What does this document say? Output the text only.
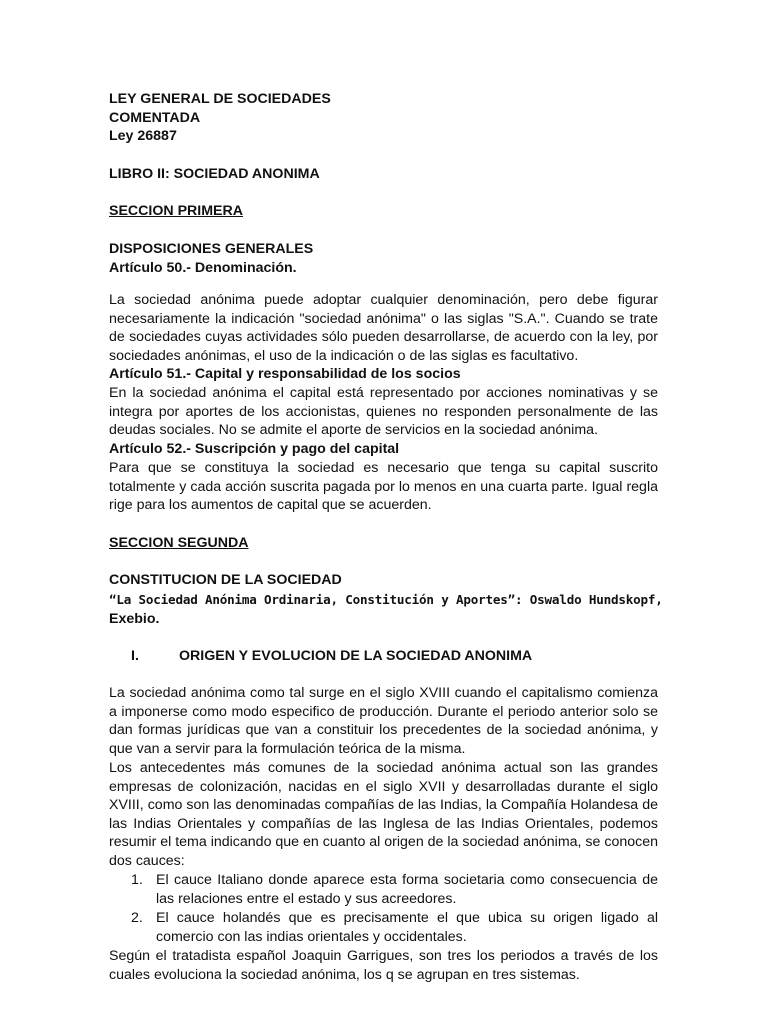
LEY GENERAL DE SOCIEDADES
COMENTADA
Ley 26887
LIBRO II: SOCIEDAD ANONIMA
SECCION PRIMERA
DISPOSICIONES GENERALES
Artículo 50.- Denominación.
La sociedad anónima puede adoptar cualquier denominación, pero debe figurar necesariamente la indicación "sociedad anónima" o las siglas "S.A.". Cuando se trate de sociedades cuyas actividades sólo pueden desarrollarse, de acuerdo con la ley, por sociedades anónimas, el uso de la indicación o de las siglas es facultativo.
Artículo 51.- Capital y responsabilidad de los socios
En la sociedad anónima el capital está representado por acciones nominativas y se integra por aportes de los accionistas, quienes no responden personalmente de las deudas sociales. No se admite el aporte de servicios en la sociedad anónima.
Artículo 52.- Suscripción y pago del capital
Para que se constituya la sociedad es necesario que tenga su capital suscrito totalmente y cada acción suscrita pagada por lo menos en una cuarta parte. Igual regla rige para los aumentos de capital que se acuerden.
SECCION SEGUNDA
CONSTITUCION DE LA SOCIEDAD
“La Sociedad Anónima Ordinaria, Constitución y Aportes”: Oswaldo Hundskopf,
Exebio.
I.	ORIGEN Y EVOLUCION DE LA SOCIEDAD ANONIMA
La sociedad anónima como tal surge en el siglo XVIII cuando el capitalismo comienza a imponerse como modo especifico de producción. Durante el periodo anterior solo se dan formas jurídicas que van a constituir los precedentes de la sociedad anónima, y que van a servir para la formulación teórica de la misma.
Los antecedentes más comunes de la sociedad anónima actual son las grandes empresas de colonización, nacidas en el siglo XVII y desarrolladas durante el siglo XVIII, como son las denominadas compañías de las Indias, la Compañía Holandesa de las Indias Orientales y compañías de las Inglesa de las Indias Orientales, podemos resumir el tema indicando que en cuanto al origen de la sociedad anónima, se conocen dos cauces:
1. El cauce Italiano donde aparece esta forma societaria como consecuencia de las relaciones entre el estado y sus acreedores.
2. El cauce holandés que es precisamente el que ubica su origen ligado al comercio con las indias orientales y occidentales.
Según el tratadista español Joaquin Garrigues, son tres los periodos a través de los cuales evoluciona la sociedad anónima, los q se agrupan en tres sistemas.
